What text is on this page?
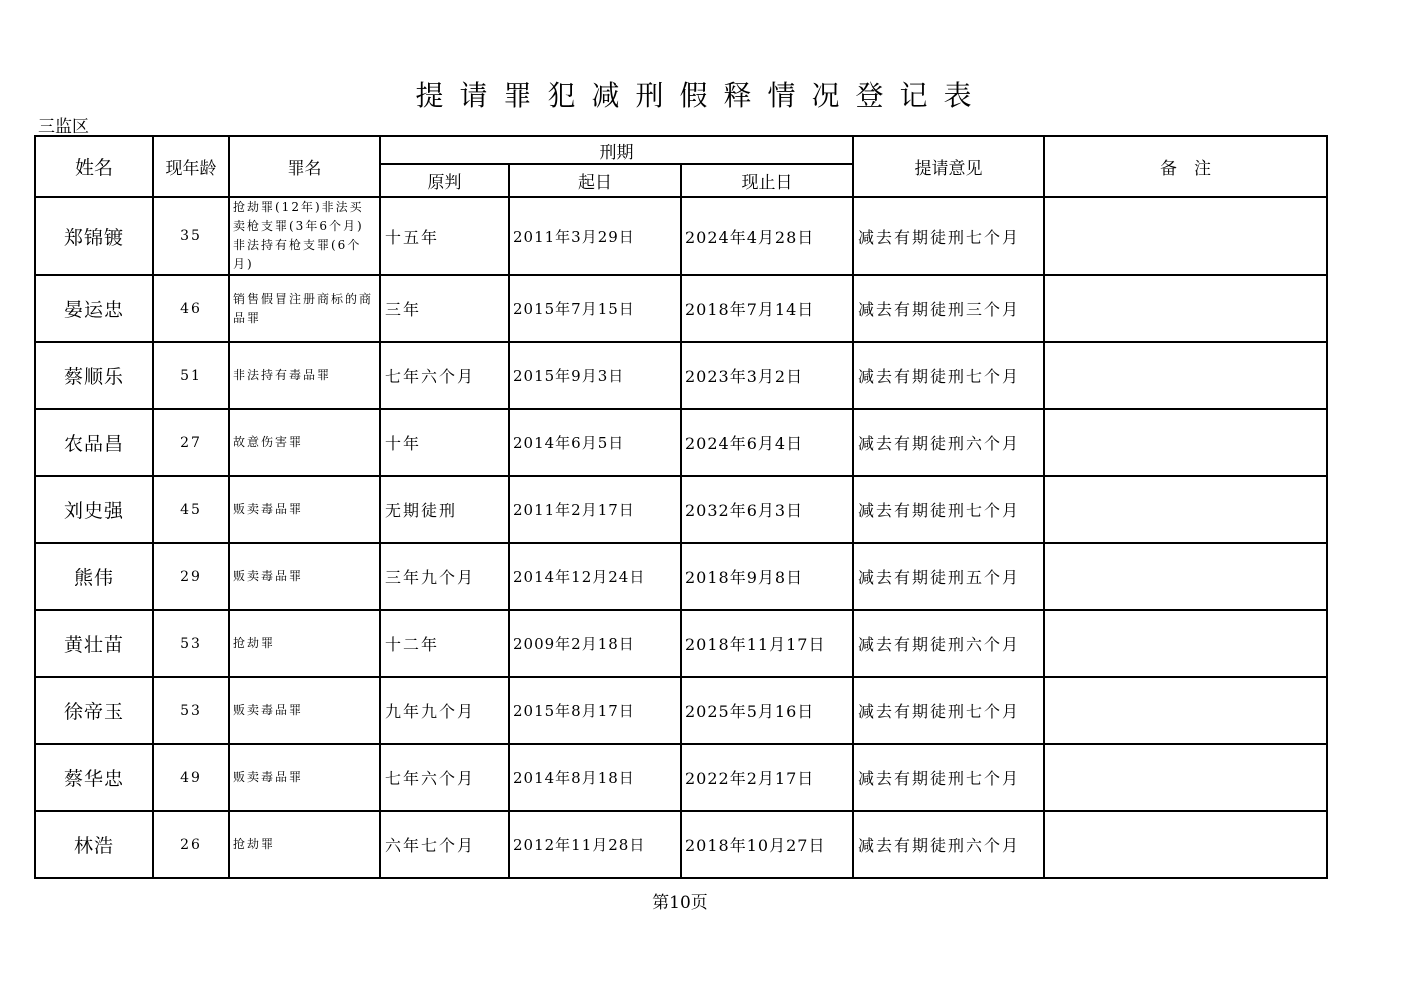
提请罪犯减刑假释情况登记表
三监区
姓名	现年龄	罪名	刑期			提请意见	备　注
			原判	起日	现止日		
郑锦镀	35	抢劫罪(12年)非法买卖枪支罪(3年6个月)非法持有枪支罪(6个月)	十五年	2011年3月29日	2024年4月28日	减去有期徒刑七个月	
晏运忠	46	销售假冒注册商标的商品罪	三年	2015年7月15日	2018年7月14日	减去有期徒刑三个月	
蔡顺乐	51	非法持有毒品罪	七年六个月	2015年9月3日	2023年3月2日	减去有期徒刑七个月	
农品昌	27	故意伤害罪	十年	2014年6月5日	2024年6月4日	减去有期徒刑六个月	
刘史强	45	贩卖毒品罪	无期徒刑	2011年2月17日	2032年6月3日	减去有期徒刑七个月	
熊伟	29	贩卖毒品罪	三年九个月	2014年12月24日	2018年9月8日	减去有期徒刑五个月	
黄壮苗	53	抢劫罪	十二年	2009年2月18日	2018年11月17日	减去有期徒刑六个月	
徐帝玉	53	贩卖毒品罪	九年九个月	2015年8月17日	2025年5月16日	减去有期徒刑七个月	
蔡华忠	49	贩卖毒品罪	七年六个月	2014年8月18日	2022年2月17日	减去有期徒刑七个月	
林浩	26	抢劫罪	六年七个月	2012年11月28日	2018年10月27日	减去有期徒刑六个月	
第10页
